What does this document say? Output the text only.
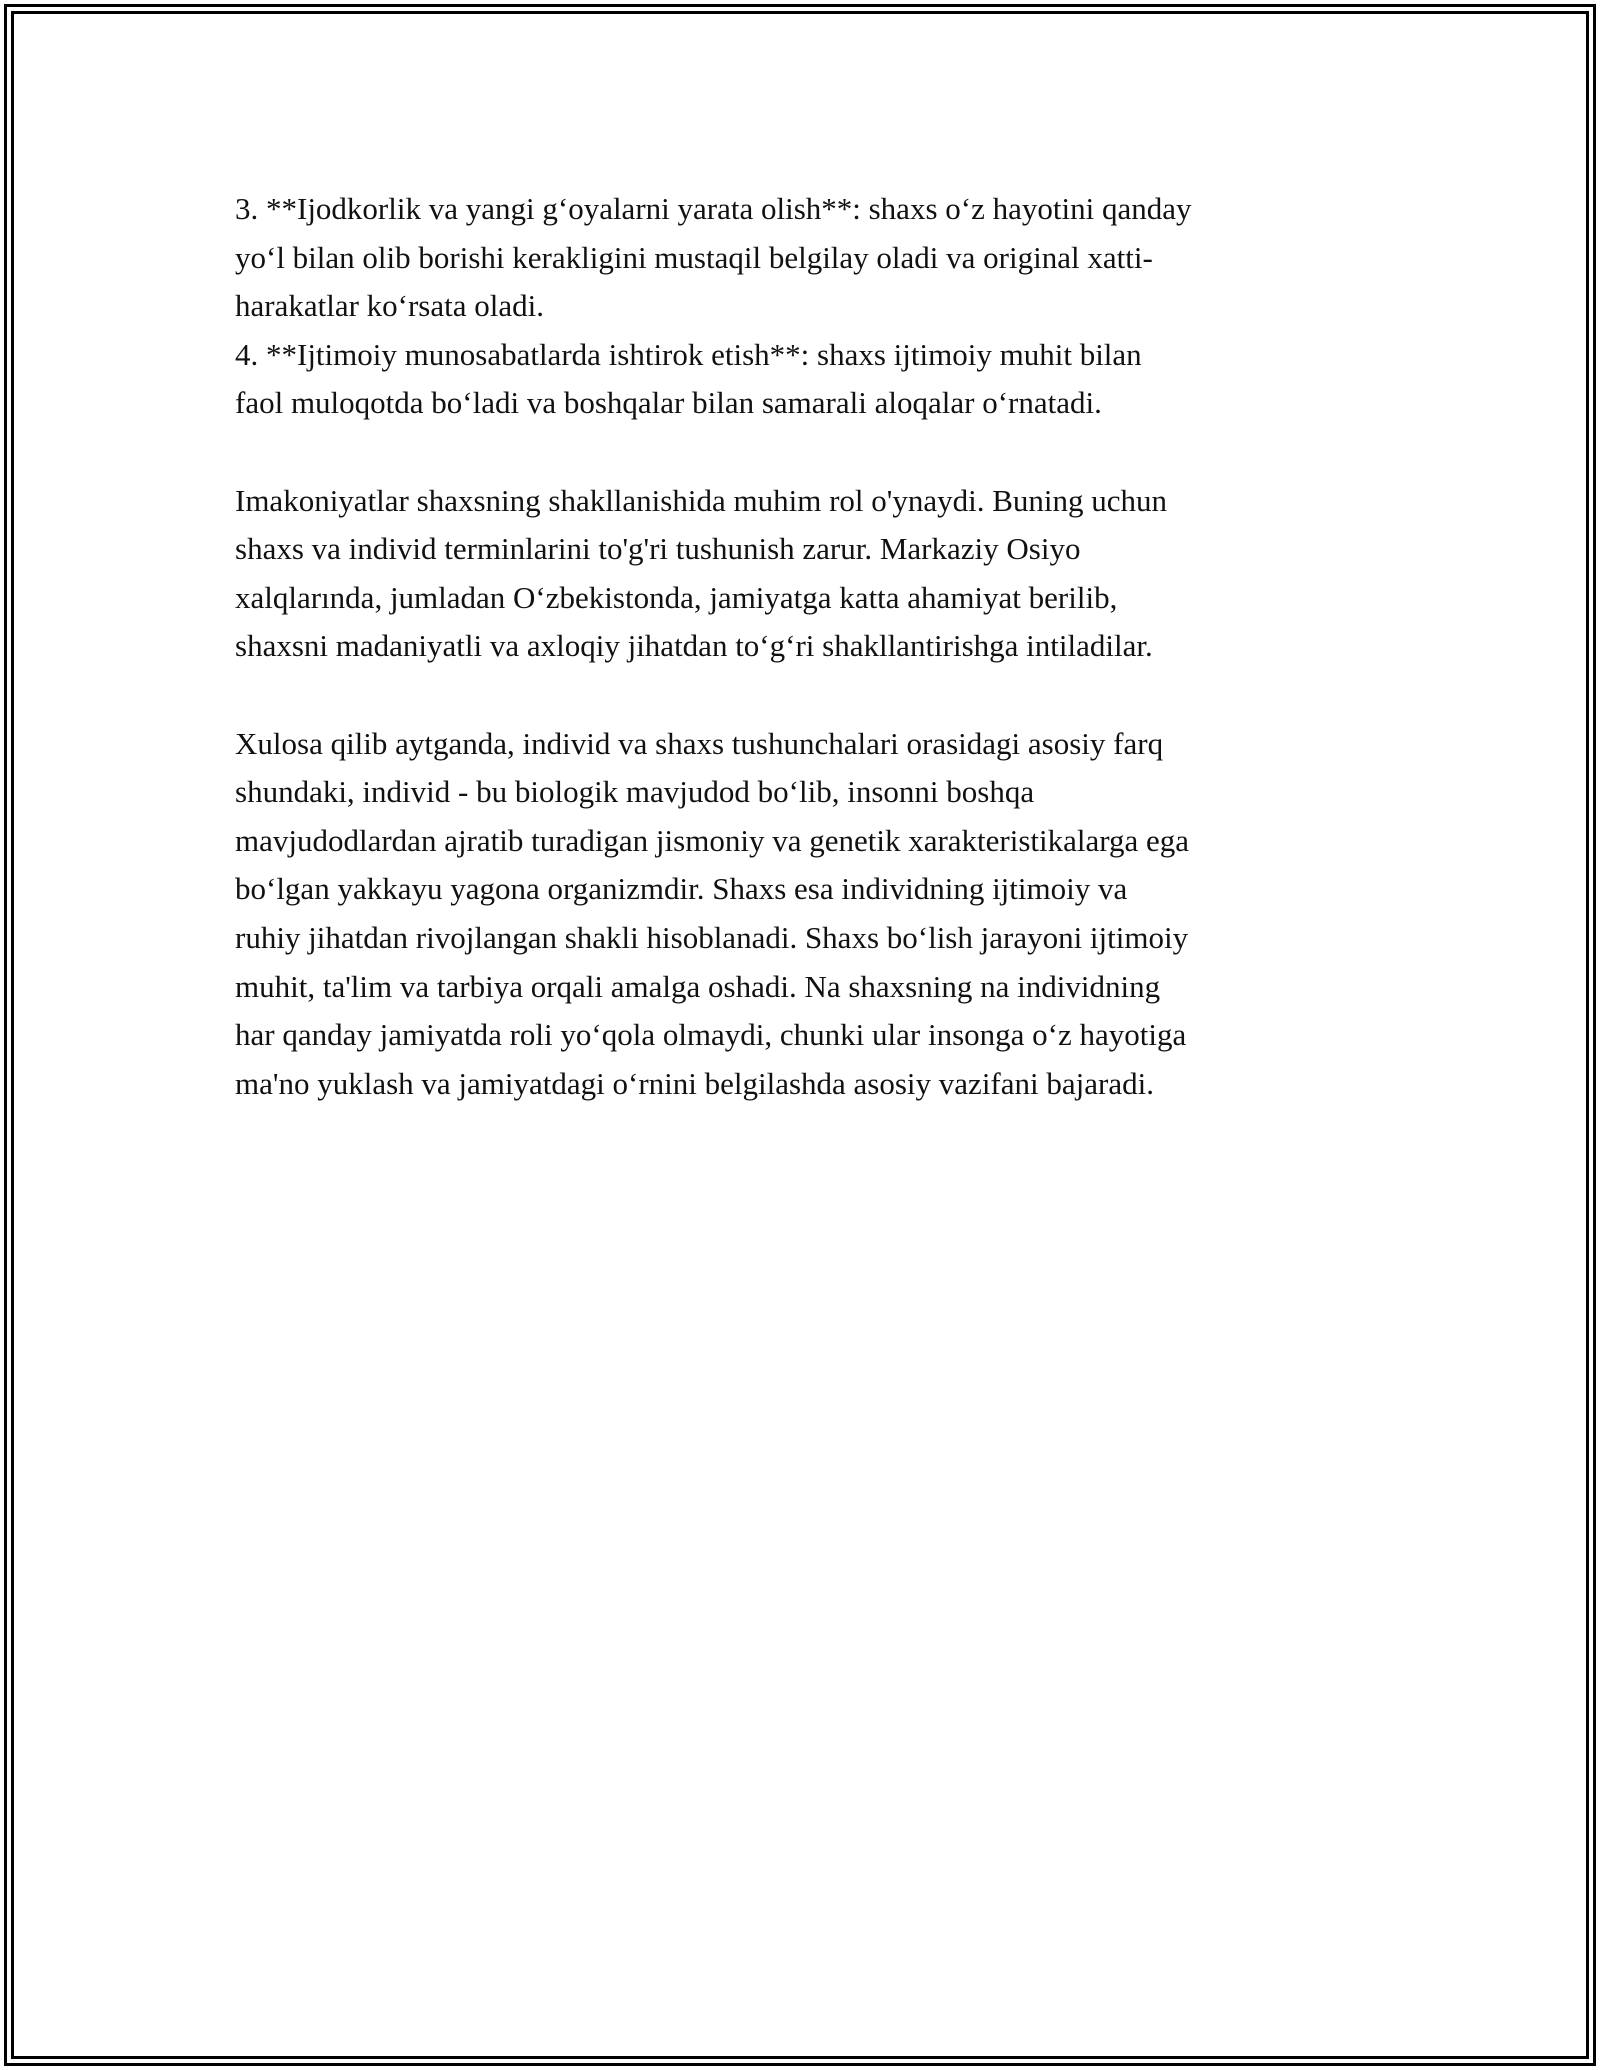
3. **Ijodkorlik va yangi g‘oyalarni yarata olish**: shaxs o‘z hayotini qanday
yo‘l bilan olib borishi kerakligini mustaqil belgilay oladi va original xatti-
harakatlar ko‘rsata oladi.
4. **Ijtimoiy munosabatlarda ishtirok etish**: shaxs ijtimoiy muhit bilan
faol muloqotda bo‘ladi va boshqalar bilan samarali aloqalar o‘rnatadi.
Imakoniyatlar shaxsning shakllanishida muhim rol o'ynaydi. Buning uchun
shaxs va individ terminlarini to'g'ri tushunish zarur. Markaziy Osiyo
xalqlarında, jumladan O‘zbekistonda, jamiyatga katta ahamiyat berilib,
shaxsni madaniyatli va axloqiy jihatdan to‘g‘ri shakllantirishga intiladilar.
Xulosa qilib aytganda, individ va shaxs tushunchalari orasidagi asosiy farq
shundaki, individ - bu biologik mavjudod bo‘lib, insonni boshqa
mavjudodlardan ajratib turadigan jismoniy va genetik xarakteristikalarga ega
bo‘lgan yakkayu yagona organizmdir. Shaxs esa individning ijtimoiy va
ruhiy jihatdan rivojlangan shakli hisoblanadi. Shaxs bo‘lish jarayoni ijtimoiy
muhit, ta'lim va tarbiya orqali amalga oshadi. Na shaxsning na individning
har qanday jamiyatda roli yo‘qola olmaydi, chunki ular insonga o‘z hayotiga
ma'no yuklash va jamiyatdagi o‘rnini belgilashda asosiy vazifani bajaradi.
